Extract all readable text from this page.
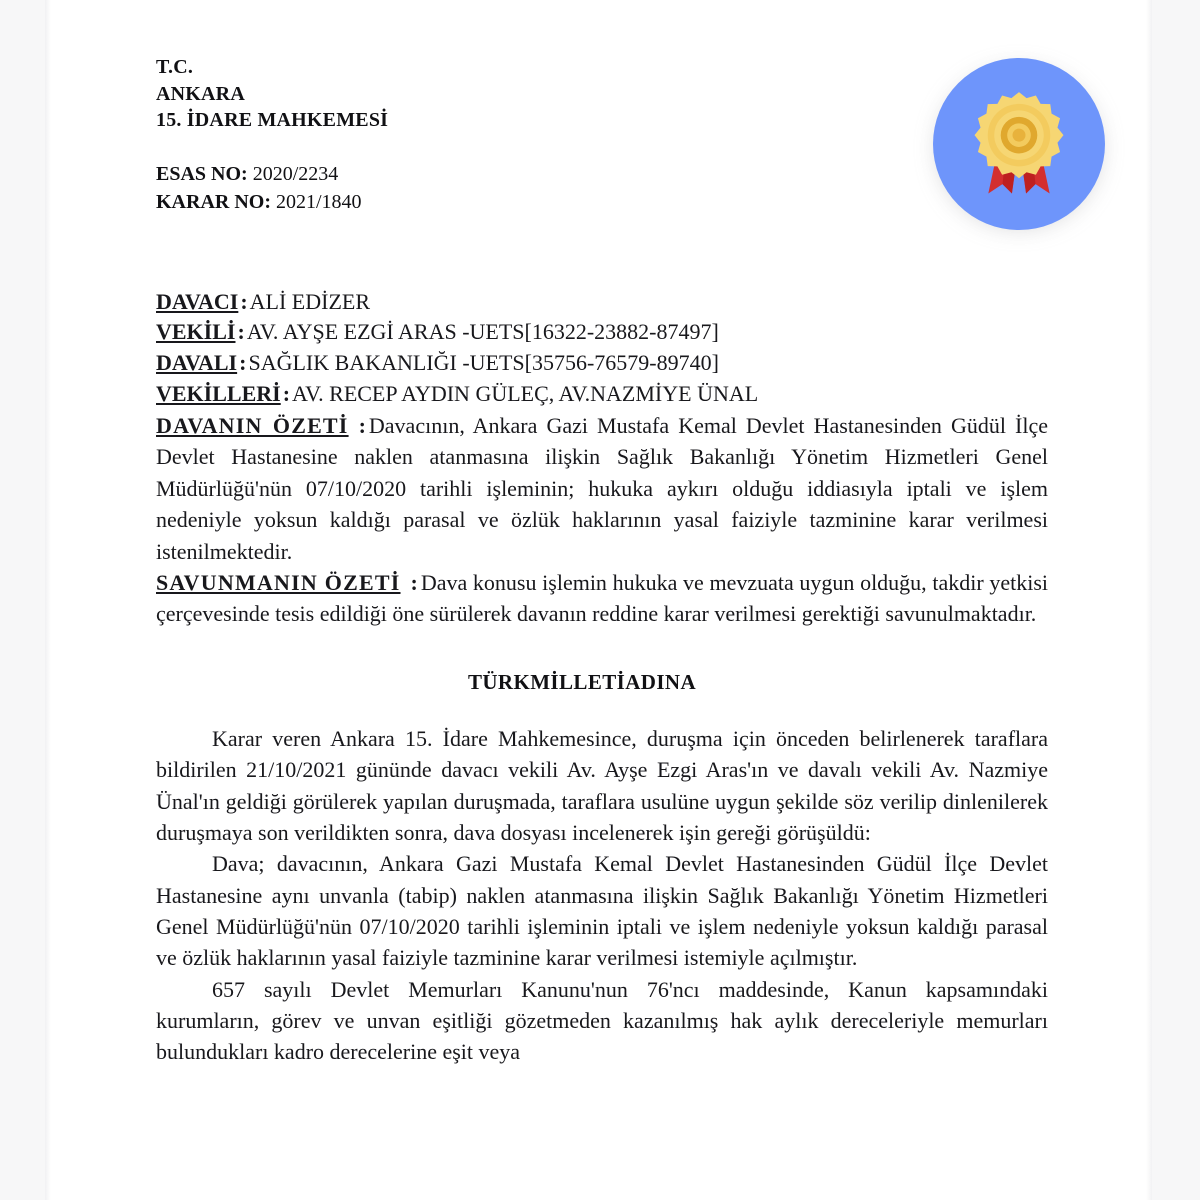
T.C.
ANKARA
15. İDARE MAHKEMESİ
ESAS NO: 2020/2234
KARAR NO: 2021/1840
DAVACI:ALİ EDİZER
VEKİLİ:AV. AYŞE EZGİ ARAS -UETS[16322-23882-87497]
DAVALI:SAĞLIK BAKANLIĞI -UETS[35756-76579-89740]
VEKİLLERİ:AV. RECEP AYDIN GÜLEÇ, AV.NAZMİYE ÜNAL

DAVANIN ÖZETİ : Davacının, Ankara Gazi Mustafa Kemal Devlet Hastanesinden Güdül İlçe Devlet Hastanesine naklen atanmasına ilişkin Sağlık Bakanlığı Yönetim Hizmetleri Genel Müdürlüğü'nün 07/10/2020 tarihli işleminin; hukuka aykırı olduğu iddiasıyla iptali ve işlem nedeniyle yoksun kaldığı parasal ve özlük haklarının yasal faiziyle tazminine karar verilmesi istenilmektedir.

SAVUNMANIN ÖZETİ : Dava konusu işlemin hukuka ve mevzuata uygun olduğu, takdir yetkisi çerçevesinde tesis edildiği öne sürülerek davanın reddine karar verilmesi gerektiği savunulmaktadır.

TÜRKMİLLETİADINA

Karar veren Ankara 15. İdare Mahkemesince, duruşma için önceden belirlenerek taraflara bildirilen 21/10/2021 gününde davacı vekili Av. Ayşe Ezgi Aras'ın ve davalı vekili Av. Nazmiye Ünal'ın geldiği görülerek yapılan duruşmada, taraflara usulüne uygun şekilde söz verilip dinlenilerek duruşmaya son verildikten sonra, dava dosyası incelenerek işin gereği görüşüldü:

Dava; davacının, Ankara Gazi Mustafa Kemal Devlet Hastanesinden Güdül İlçe Devlet Hastanesine aynı unvanla (tabip) naklen atanmasına ilişkin Sağlık Bakanlığı Yönetim Hizmetleri Genel Müdürlüğü'nün 07/10/2020 tarihli işleminin iptali ve işlem nedeniyle yoksun kaldığı parasal ve özlük haklarının yasal faiziyle tazminine karar verilmesi istemiyle açılmıştır.

657 sayılı Devlet Memurları Kanunu'nun 76'ncı maddesinde, Kanun kapsamındaki kurumların, görev ve unvan eşitliği gözetmeden kazanılmış hak aylık dereceleriyle memurları bulundukları kadro derecelerine eşit veya
